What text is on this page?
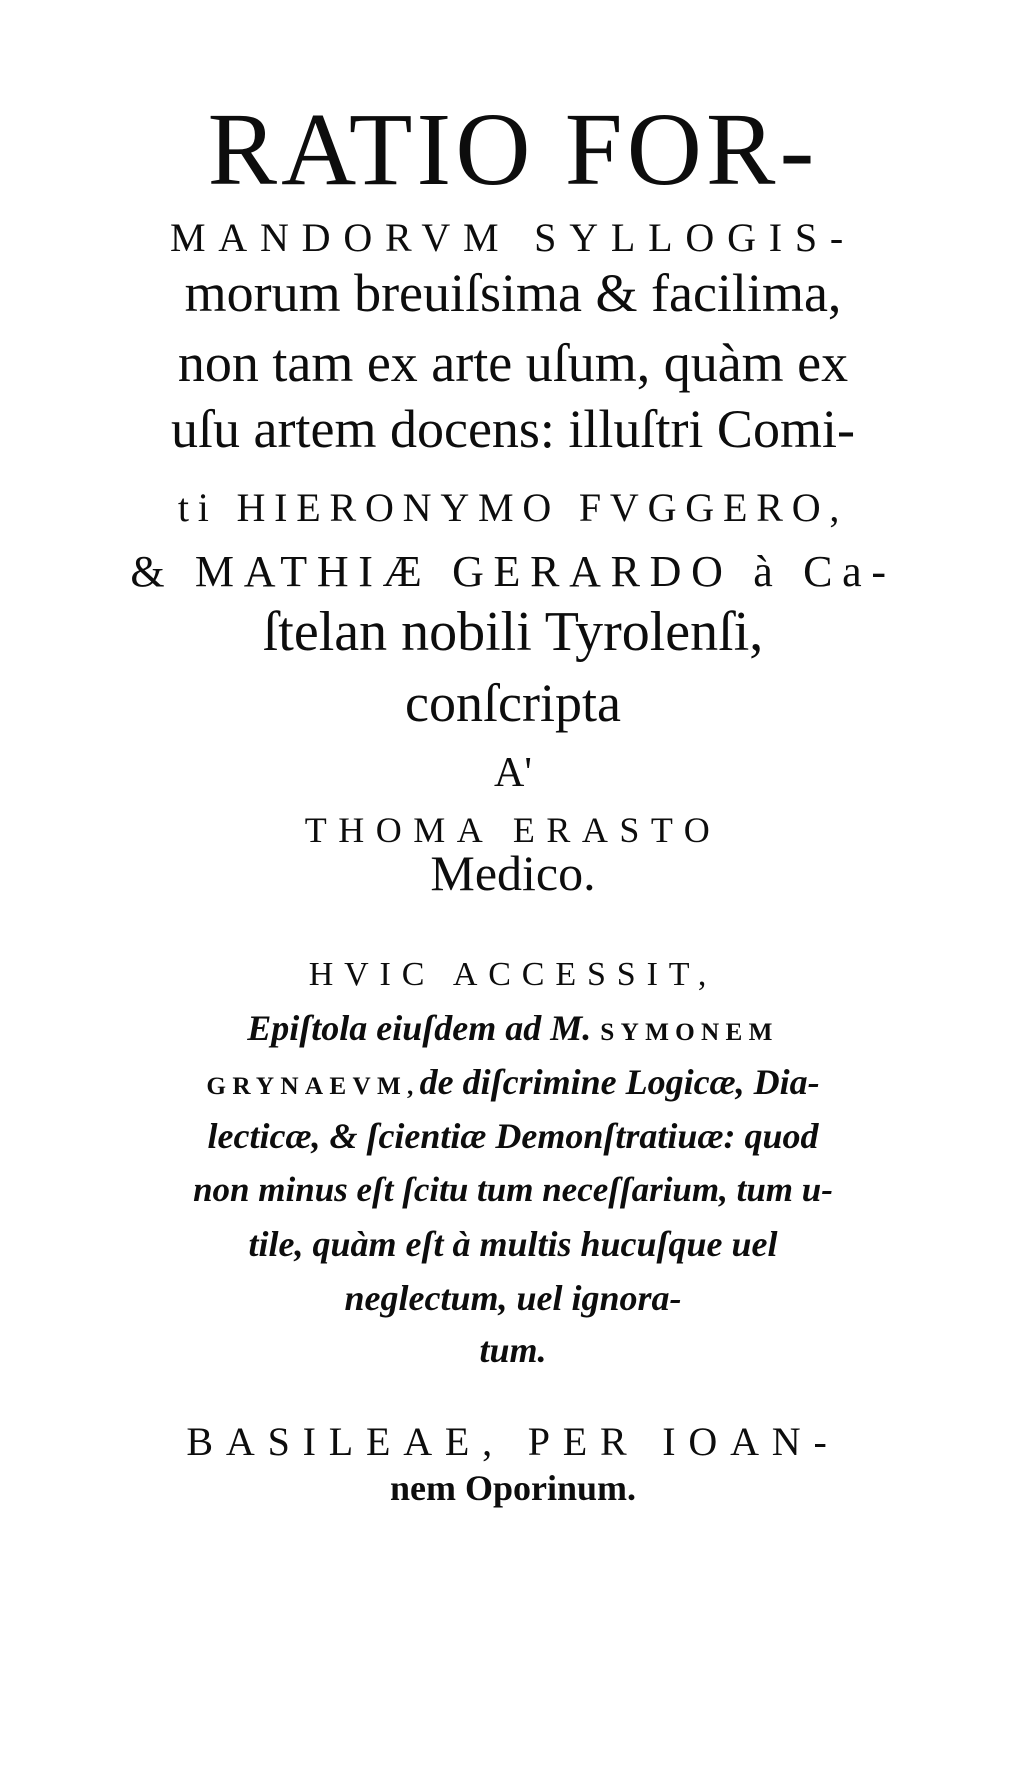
RATIO FOR-
MANDORVM SYLLOGIS-
morum breuiſsima & facilima,
non tam ex arte uſum, quàm ex
uſu artem docens: illuſtri Comi-
ti HIERONYMO FVGGERO,
& MATHIÆ GERARDO à Ca-
ſtelan nobili Tyrolenſi,
conſcripta
A'
THOMA ERASTO
Medico.
HVIC ACCESSIT,
Epiſtola eiuſdem ad M. SYMONEM
GRYNAEVM,de diſcrimine Logicæ, Dia-
lecticæ, & ſcientiæ Demonſtratiuæ: quod
non minus eſt ſcitu tum neceſſarium, tum u-
tile, quàm eſt à multis hucuſque uel
neglectum, uel ignora-
tum.
BASILEAE, PER IOAN-
nem Oporinum.
